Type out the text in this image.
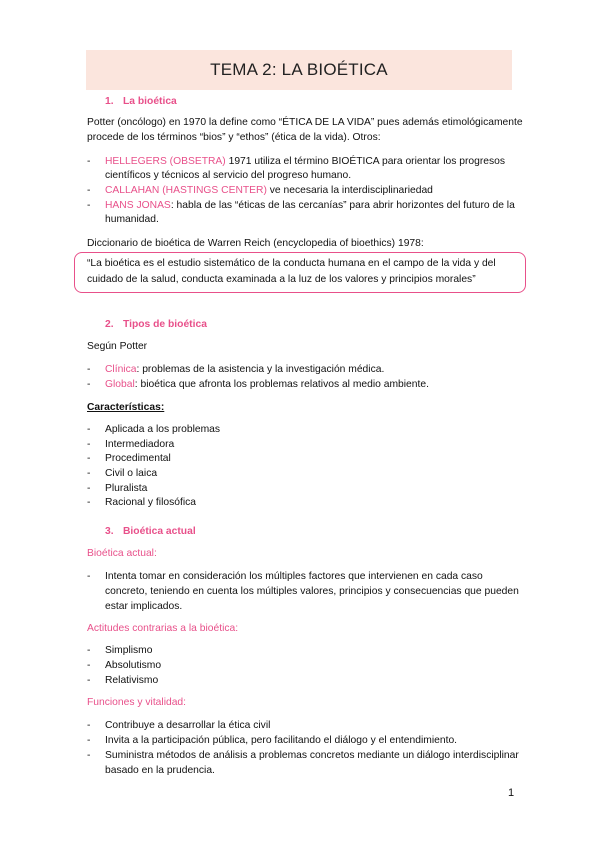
TEMA 2: LA BIOÉTICA
1. La bioética
Potter (oncólogo) en 1970 la define como “ÉTICA DE LA VIDA” pues además etimológicamente
procede de los términos “bios” y “ethos” (ética de la vida). Otros:
- HELLEGERS (OBSETRA) 1971 utiliza el término BIOÉTICA para orientar los progresos
científicos y técnicos al servicio del progreso humano.
- CALLAHAN (HASTINGS CENTER) ve necesaria la interdisciplinariedad
- HANS JONAS: habla de las “éticas de las cercanías” para abrir horizontes del futuro de la
humanidad.
Diccionario de bioética de Warren Reich (encyclopedia of bioethics) 1978:
“La bioética es el estudio sistemático de la conducta humana en el campo de la vida y del
cuidado de la salud, conducta examinada a la luz de los valores y principios morales”
2. Tipos de bioética
Según Potter
- Clínica: problemas de la asistencia y la investigación médica.
- Global: bioética que afronta los problemas relativos al medio ambiente.
Características:
- Aplicada a los problemas
- Intermediadora
- Procedimental
- Civil o laica
- Pluralista
- Racional y filosófica
3. Bioética actual
Bioética actual:
- Intenta tomar en consideración los múltiples factores que intervienen en cada caso
concreto, teniendo en cuenta los múltiples valores, principios y consecuencias que pueden
estar implicados.
Actitudes contrarias a la bioética:
- Simplismo
- Absolutismo
- Relativismo
Funciones y vitalidad:
- Contribuye a desarrollar la ética civil
- Invita a la participación pública, pero facilitando el diálogo y el entendimiento.
- Suministra métodos de análisis a problemas concretos mediante un diálogo interdisciplinar
basado en la prudencia.
1
